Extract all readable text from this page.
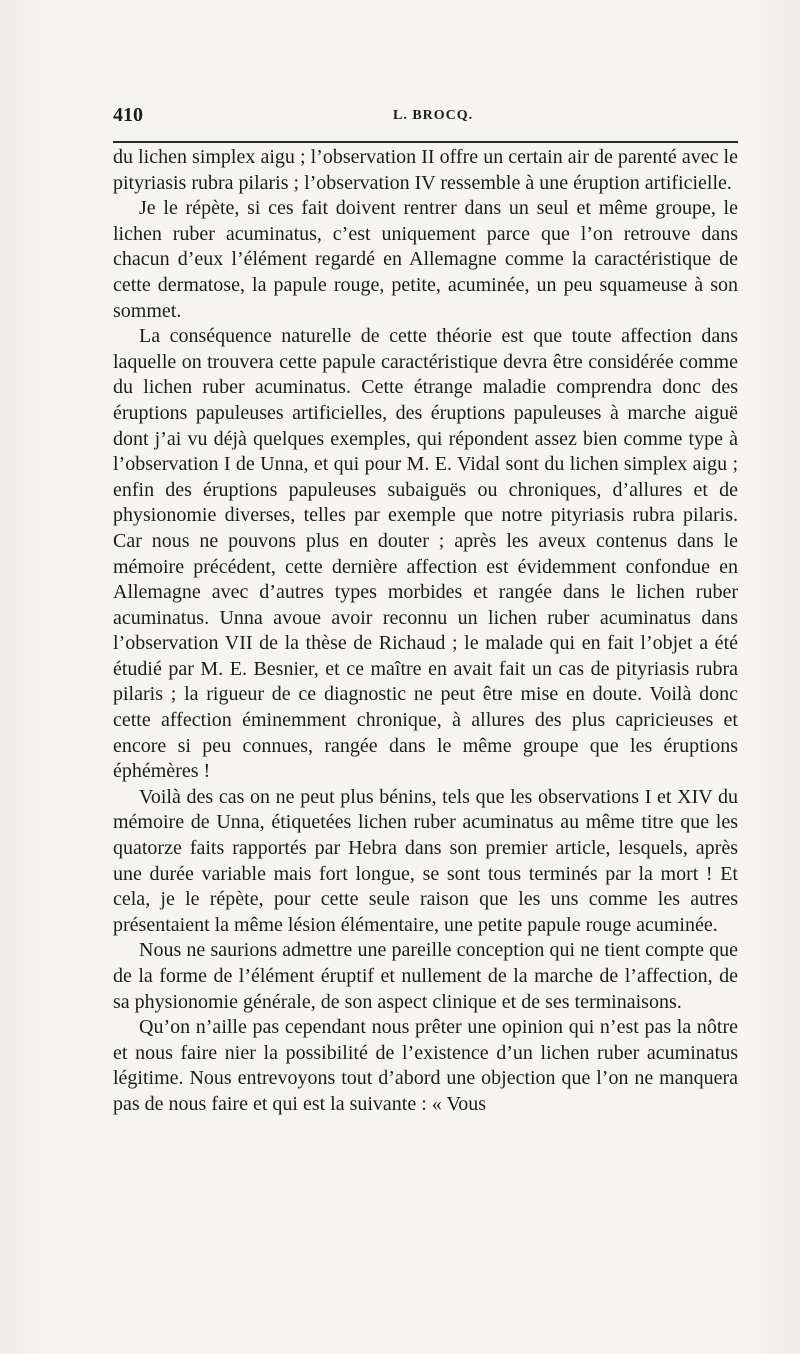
410	L. BROCQ.

du lichen simplex aigu ; l’observation II offre un certain air de parenté avec le pityriasis rubra pilaris ; l’observation IV ressemble à une éruption artificielle.

Je le répète, si ces fait doivent rentrer dans un seul et même groupe, le lichen ruber acuminatus, c’est uniquement parce que l’on retrouve dans chacun d’eux l’élément regardé en Allemagne comme la caractéristique de cette dermatose, la papule rouge, petite, acuminée, un peu squameuse à son sommet.

La conséquence naturelle de cette théorie est que toute affection dans laquelle on trouvera cette papule caractéristique devra être considérée comme du lichen ruber acuminatus. Cette étrange maladie comprendra donc des éruptions papuleuses artificielles, des éruptions papuleuses à marche aiguë dont j’ai vu déjà quelques exemples, qui répondent assez bien comme type à l’observation I de Unna, et qui pour M. E. Vidal sont du lichen simplex aigu ; enfin des éruptions papuleuses subaiguës ou chroniques, d’allures et de physionomie diverses, telles par exemple que notre pityriasis rubra pilaris. Car nous ne pouvons plus en douter ; après les aveux contenus dans le mémoire précédent, cette dernière affection est évidemment confondue en Allemagne avec d’autres types morbides et rangée dans le lichen ruber acuminatus. Unna avoue avoir reconnu un lichen ruber acuminatus dans l’observation VII de la thèse de Richaud ; le malade qui en fait l’objet a été étudié par M. E. Besnier, et ce maître en avait fait un cas de pityriasis rubra pilaris ; la rigueur de ce diagnostic ne peut être mise en doute. Voilà donc cette affection éminemment chronique, à allures des plus capricieuses et encore si peu connues, rangée dans le même groupe que les éruptions éphémères !

Voilà des cas on ne peut plus bénins, tels que les observations I et XIV du mémoire de Unna, étiquetées lichen ruber acuminatus au même titre que les quatorze faits rapportés par Hebra dans son premier article, lesquels, après une durée variable mais fort longue, se sont tous terminés par la mort ! Et cela, je le répète, pour cette seule raison que les uns comme les autres présentaient la même lésion élémentaire, une petite papule rouge acuminée.

Nous ne saurions admettre une pareille conception qui ne tient compte que de la forme de l’élément éruptif et nullement de la marche de l’affection, de sa physionomie générale, de son aspect clinique et de ses terminaisons.

Qu’on n’aille pas cependant nous prêter une opinion qui n’est pas la nôtre et nous faire nier la possibilité de l’existence d’un lichen ruber acuminatus légitime. Nous entrevoyons tout d’abord une objection que l’on ne manquera pas de nous faire et qui est la suivante : « Vous
